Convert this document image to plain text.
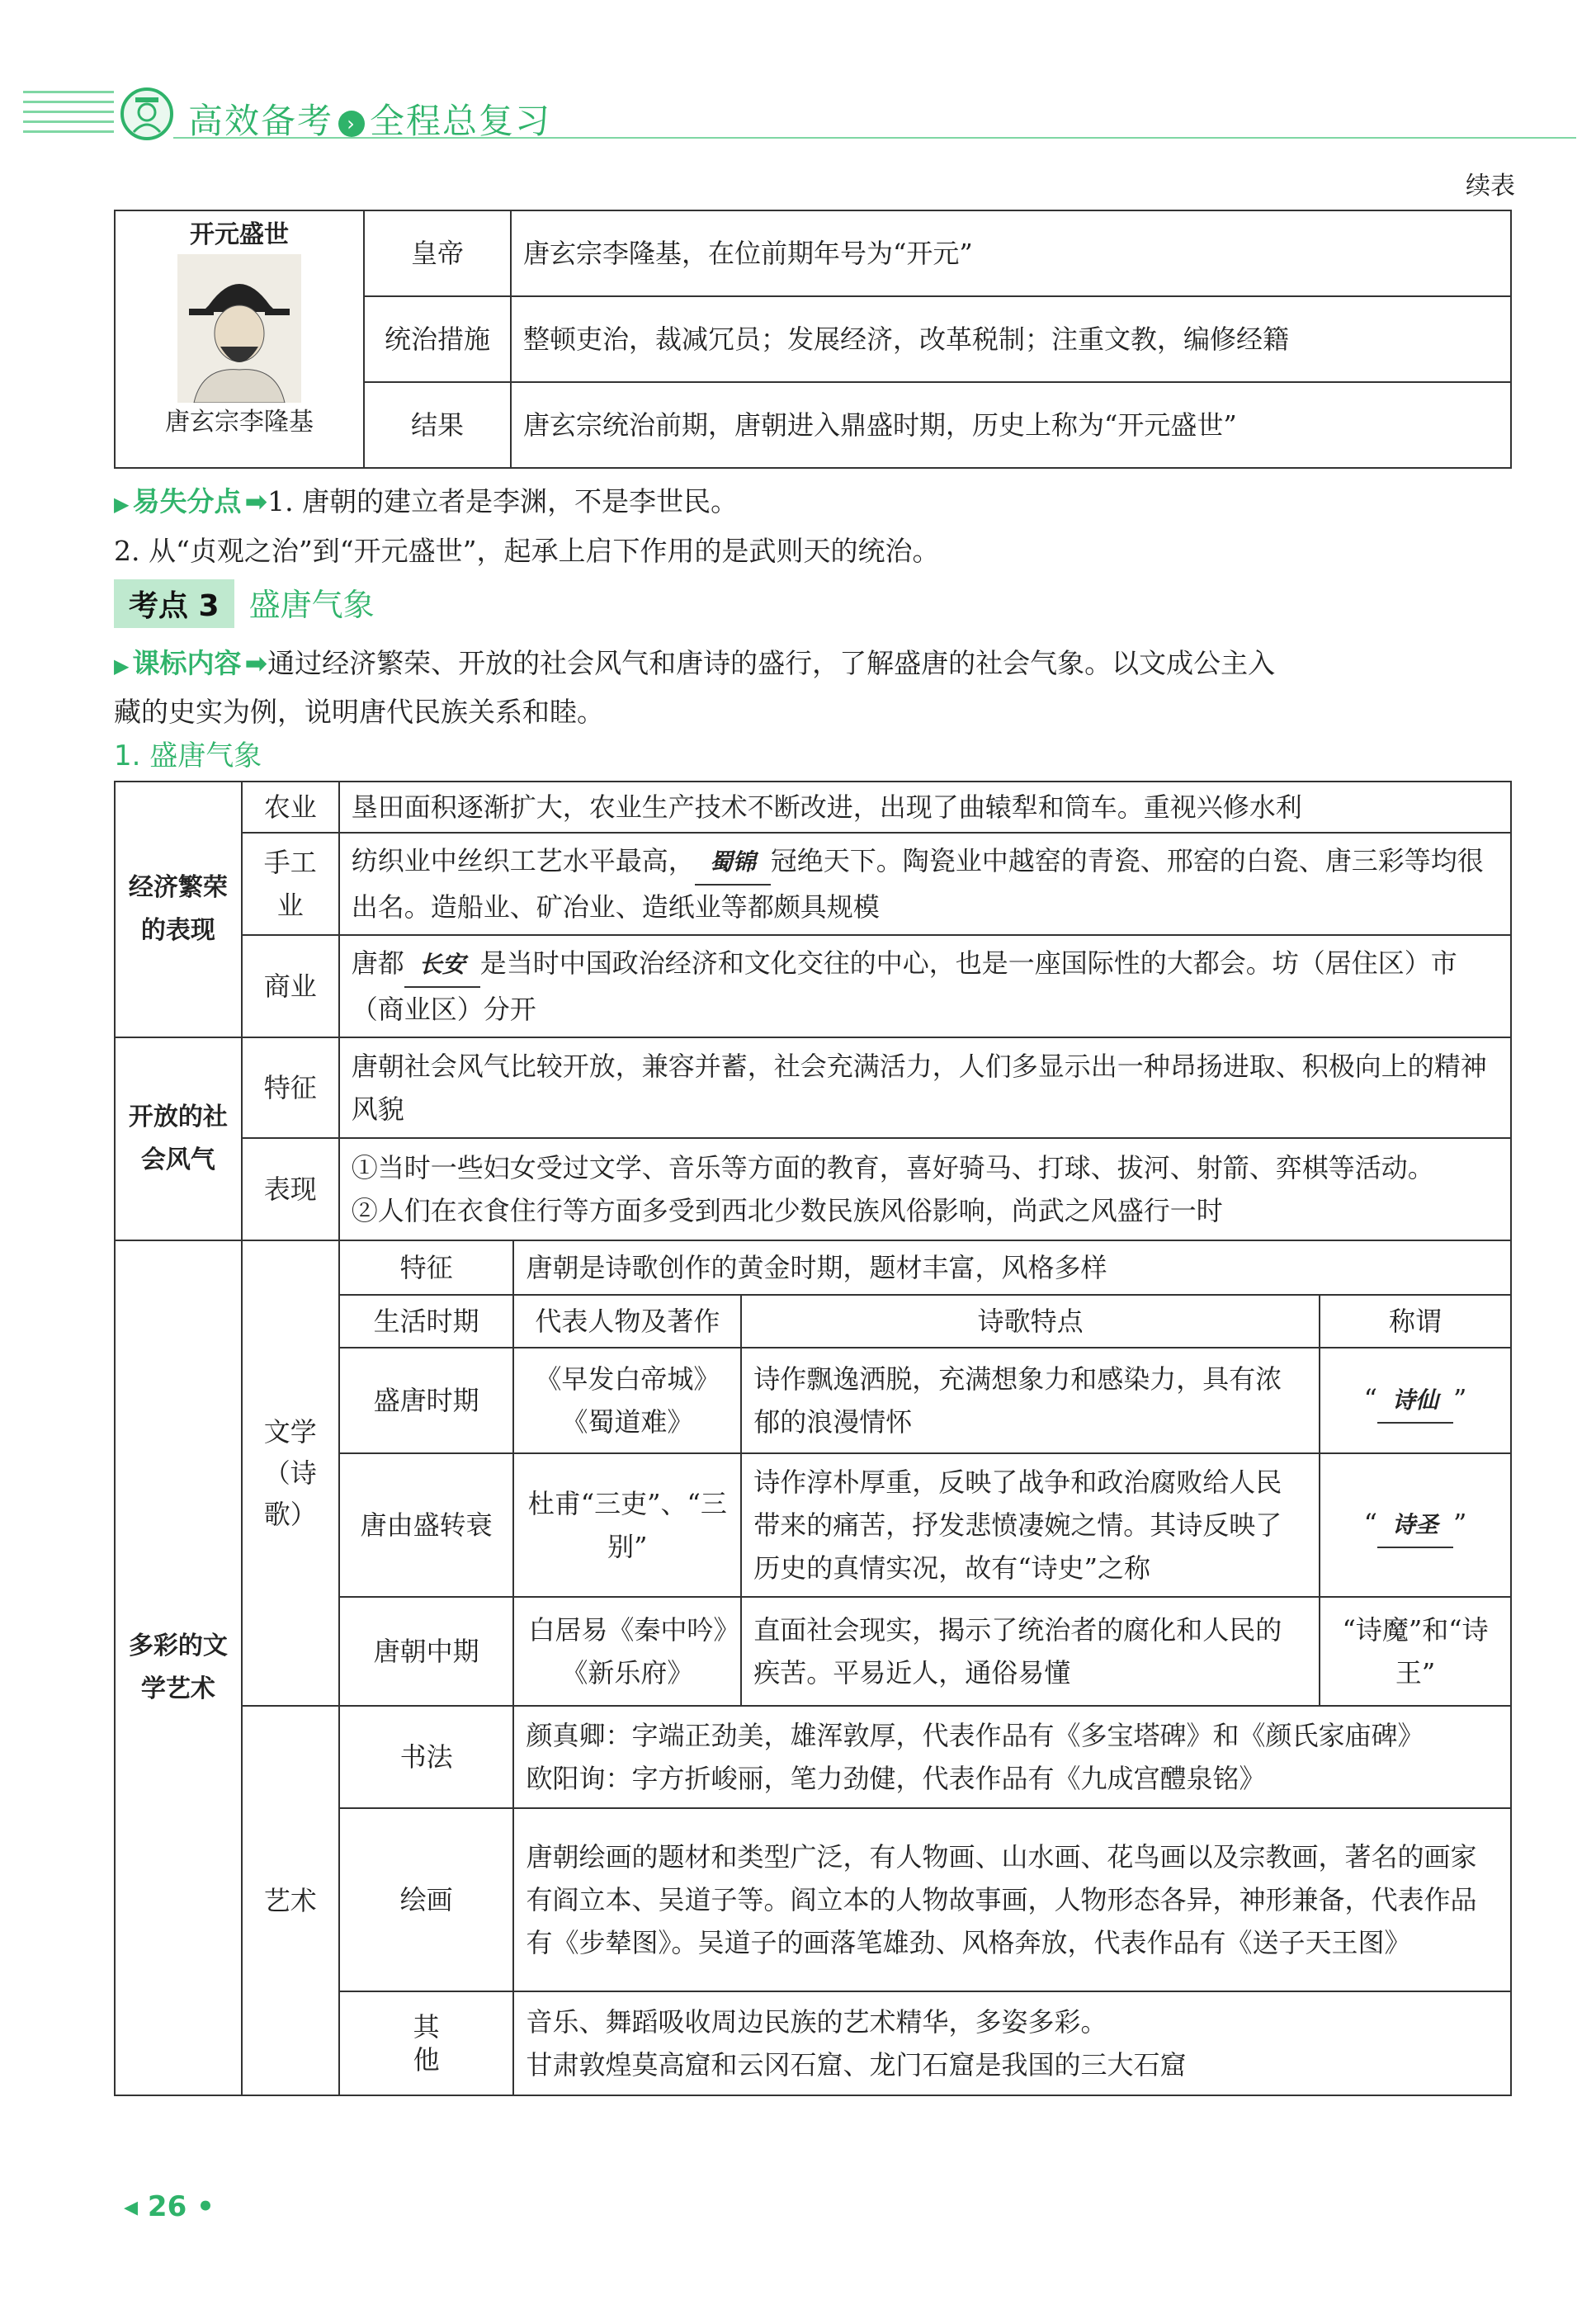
高效备考 › 全程总复习
续表
开元盛世
唐玄宗李隆基	皇帝	唐玄宗李隆基，在位前期年号为“开元”
	统治措施	整顿吏治，裁减冗员；发展经济，改革税制；注重文教，编修经籍
	结果	唐玄宗统治前期，唐朝进入鼎盛时期，历史上称为“开元盛世”
▶ 易失分点 ➡ 1. 唐朝的建立者是李渊，不是李世民。
2. 从“贞观之治”到“开元盛世”，起承上启下作用的是武则天的统治。
考点 3 盛唐气象
▶ 课标内容 ➡ 通过经济繁荣、开放的社会风气和唐诗的盛行，了解盛唐的社会气象。以文成公主入
藏的史实为例，说明唐代民族关系和睦。
1. 盛唐气象
经济繁荣的表现	农业	垦田面积逐渐扩大，农业生产技术不断改进，出现了曲辕犁和筒车。重视兴修水利			
	手工业	纺织业中丝织工艺水平最高， 蜀锦 冠绝天下。陶瓷业中越窑的青瓷、邢窑的白瓷、唐三彩等均很出名。造船业、矿冶业、造纸业等都颇具规模			
	商业	唐都 长安 是当时中国政治经济和文化交往的中心，也是一座国际性的大都会。坊（居住区）市（商业区）分开			
开放的社会风气	特征	唐朝社会风气比较开放，兼容并蓄，社会充满活力，人们多显示出一种昂扬进取、积极向上的精神风貌			
	表现	①当时一些妇女受过文学、音乐等方面的教育，喜好骑马、打球、拔河、射箭、弈棋等活动。
②人们在衣食住行等方面多受到西北少数民族风俗影响，尚武之风盛行一时			

多彩的文学艺术	文学（诗歌）	特征	唐朝是诗歌创作的黄金时期，题材丰富，风格多样		
		生活时期	代表人物及著作	诗歌特点	称谓
		盛唐时期	《早发白帝城》《蜀道难》	诗作飘逸洒脱，充满想象力和感染力，具有浓郁的浪漫情怀	“ 诗仙 ”
		唐由盛转衰	杜甫“三吏”、“三别”	诗作淳朴厚重，反映了战争和政治腐败给人民带来的痛苦，抒发悲愤凄婉之情。其诗反映了历史的真情实况，故有“诗史”之称	“ 诗圣 ”
		唐朝中期	白居易《秦中吟》《新乐府》	直面社会现实，揭示了统治者的腐化和人民的疾苦。平易近人，通俗易懂	“诗魔”和“诗王”
	艺术	书法	颜真卿：字端正劲美，雄浑敦厚，代表作品有《多宝塔碑》和《颜氏家庙碑》
欧阳询：字方折峻丽，笔力劲健，代表作品有《九成宫醴泉铭》		

		绘画	唐朝绘画的题材和类型广泛，有人物画、山水画、花鸟画以及宗教画，著名的画家有阎立本、吴道子等。阎立本的人物故事画，人物形态各异，神形兼备，代表作品有《步辇图》。吴道子的画落笔雄劲、风格奔放，代表作品有《送子天王图》		
		其他	音乐、舞蹈吸收周边民族的艺术精华，多姿多彩。
甘肃敦煌莫高窟和云冈石窟、龙门石窟是我国的三大石窟		
◂ 26 •
